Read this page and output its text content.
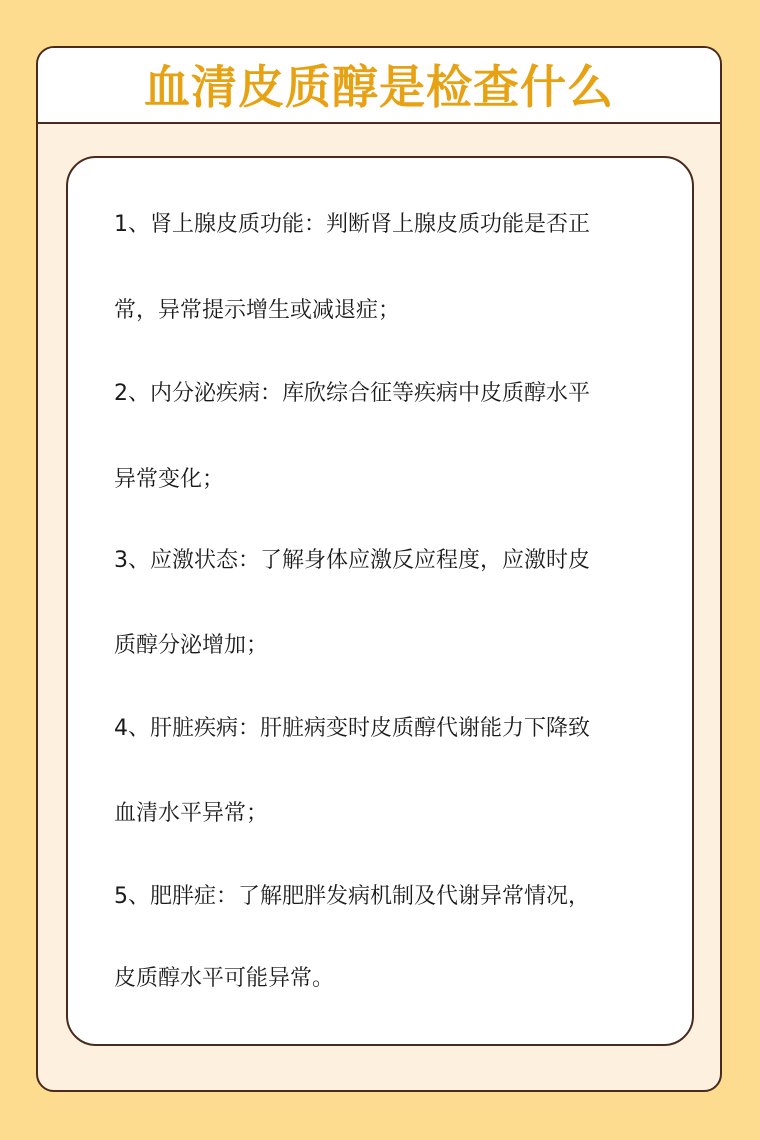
血清皮质醇是检查什么
1、肾上腺皮质功能：判断肾上腺皮质功能是否正
常，异常提示增生或减退症；
2、内分泌疾病：库欣综合征等疾病中皮质醇水平
异常变化；
3、应激状态：了解身体应激反应程度，应激时皮
质醇分泌增加；
4、肝脏疾病：肝脏病变时皮质醇代谢能力下降致
血清水平异常；
5、肥胖症：了解肥胖发病机制及代谢异常情况，
皮质醇水平可能异常。
